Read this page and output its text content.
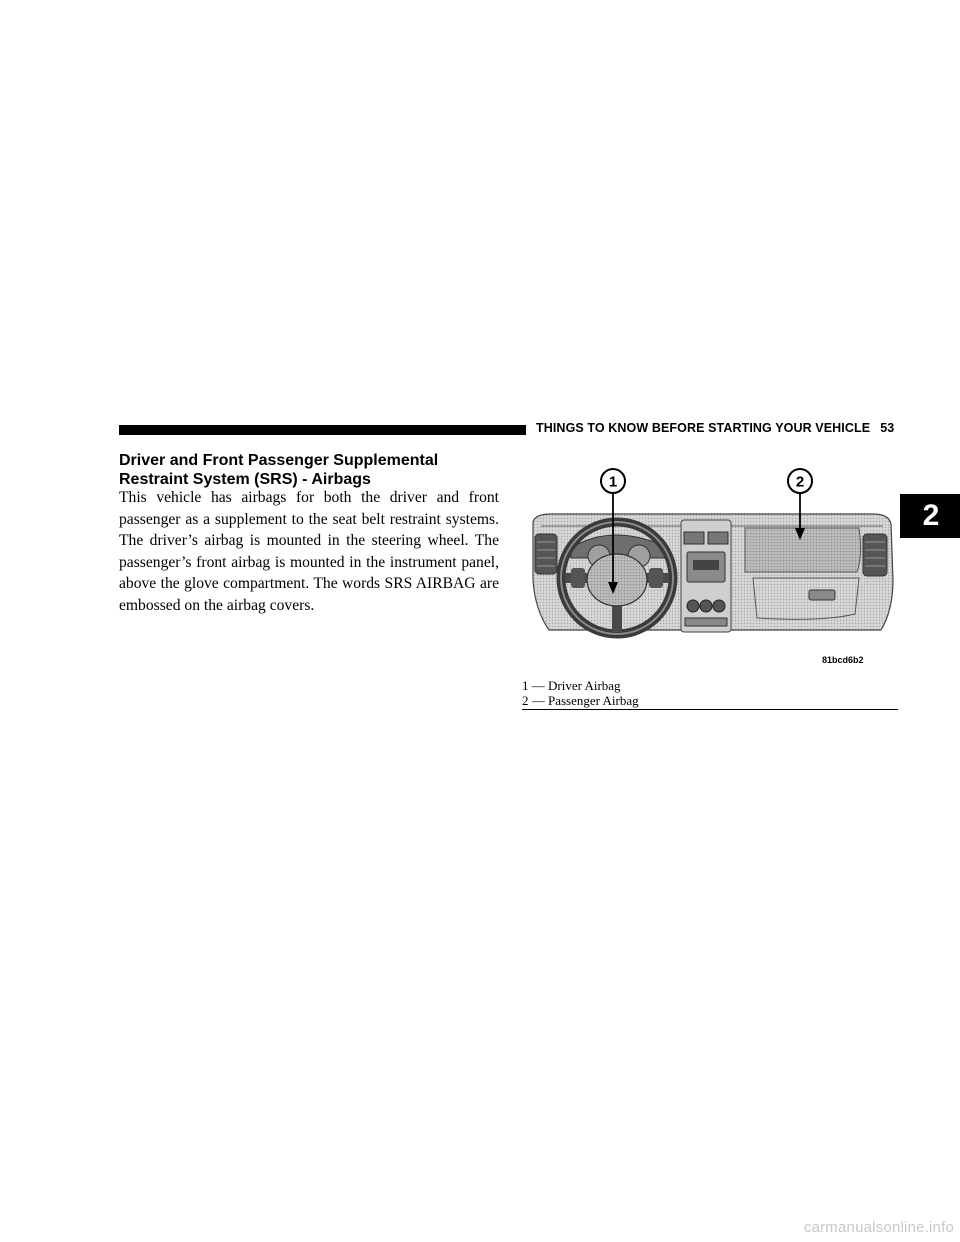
THINGS TO KNOW BEFORE STARTING YOUR VEHICLE 53
2
Driver and Front Passenger Supplemental
Restraint System (SRS) - Airbags

This vehicle has airbags for both the driver and front passenger as a supplement to the seat belt restraint systems. The driver’s airbag is mounted in the steering wheel. The passenger’s front airbag is mounted in the instrument panel, above the glove compartment. The words SRS AIRBAG are embossed on the airbag covers.

1	2
81bcd6b2
1 — Driver Airbag
2 — Passenger Airbag
carmanualsonline.info
